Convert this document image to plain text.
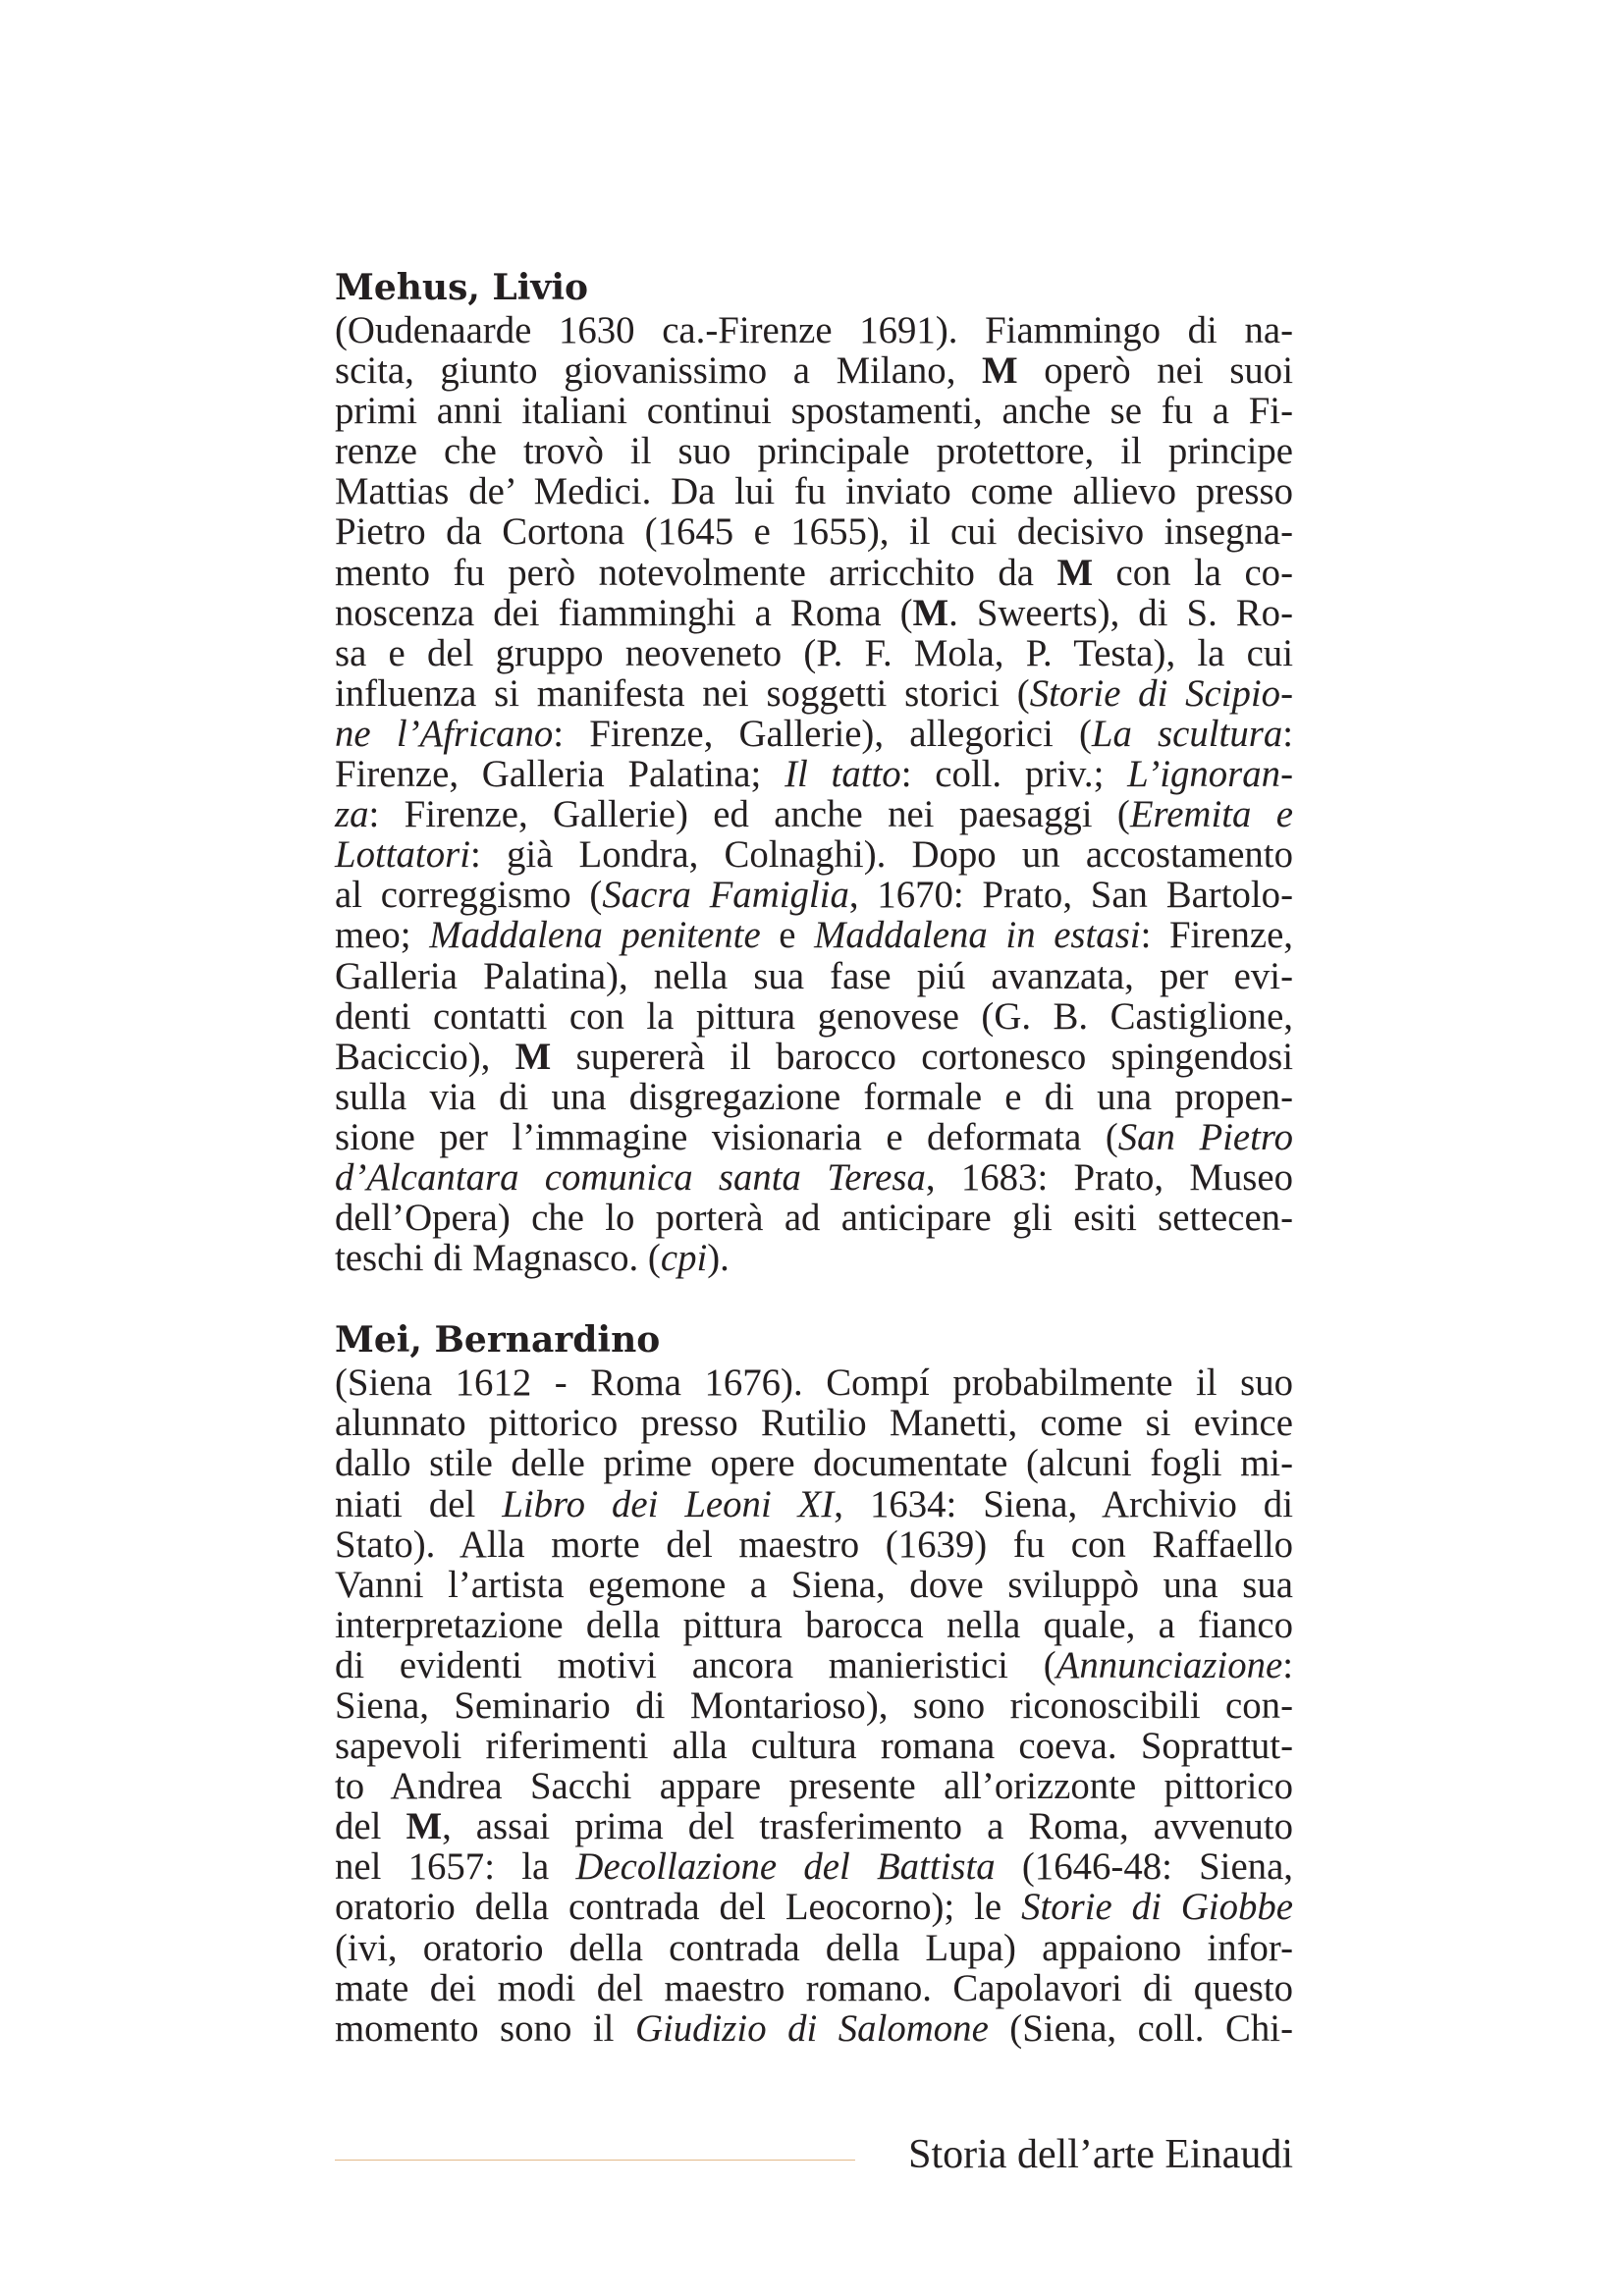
Mehus, Livio
(Oudenaarde 1630 ca.-Firenze 1691). Fiammingo di na-
scita, giunto giovanissimo a Milano, M operò nei suoi
primi anni italiani continui spostamenti, anche se fu a Fi-
renze che trovò il suo principale protettore, il principe
Mattias de’ Medici. Da lui fu inviato come allievo presso
Pietro da Cortona (1645 e 1655), il cui decisivo insegna-
mento fu però notevolmente arricchito da M con la co-
noscenza dei fiamminghi a Roma (M. Sweerts), di S. Ro-
sa e del gruppo neoveneto (P. F. Mola, P. Testa), la cui
influenza si manifesta nei soggetti storici (Storie di Scipio-
ne l’Africano: Firenze, Gallerie), allegorici (La scultura:
Firenze, Galleria Palatina; Il tatto: coll. priv.; L’ignoran-
za: Firenze, Gallerie) ed anche nei paesaggi (Eremita e
Lottatori: già Londra, Colnaghi). Dopo un accostamento
al correggismo (Sacra Famiglia, 1670: Prato, San Bartolo-
meo; Maddalena penitente e Maddalena in estasi: Firenze,
Galleria Palatina), nella sua fase piú avanzata, per evi-
denti contatti con la pittura genovese (G. B. Castiglione,
Baciccio), M supererà il barocco cortonesco spingendosi
sulla via di una disgregazione formale e di una propen-
sione per l’immagine visionaria e deformata (San Pietro
d’Alcantara comunica santa Teresa, 1683: Prato, Museo
dell’Opera) che lo porterà ad anticipare gli esiti settecen-
teschi di Magnasco. (cpi).
Mei, Bernardino
(Siena 1612 - Roma 1676). Compí probabilmente il suo
alunnato pittorico presso Rutilio Manetti, come si evince
dallo stile delle prime opere documentate (alcuni fogli mi-
niati del Libro dei Leoni XI, 1634: Siena, Archivio di
Stato). Alla morte del maestro (1639) fu con Raffaello
Vanni l’artista egemone a Siena, dove sviluppò una sua
interpretazione della pittura barocca nella quale, a fianco
di evidenti motivi ancora manieristici (Annunciazione:
Siena, Seminario di Montarioso), sono riconoscibili con-
sapevoli riferimenti alla cultura romana coeva. Soprattut-
to Andrea Sacchi appare presente all’orizzonte pittorico
del M, assai prima del trasferimento a Roma, avvenuto
nel 1657: la Decollazione del Battista (1646-48: Siena,
oratorio della contrada del Leocorno); le Storie di Giobbe
(ivi, oratorio della contrada della Lupa) appaiono infor-
mate dei modi del maestro romano. Capolavori di questo
momento sono il Giudizio di Salomone (Siena, coll. Chi-
Storia dell’arte Einaudi
